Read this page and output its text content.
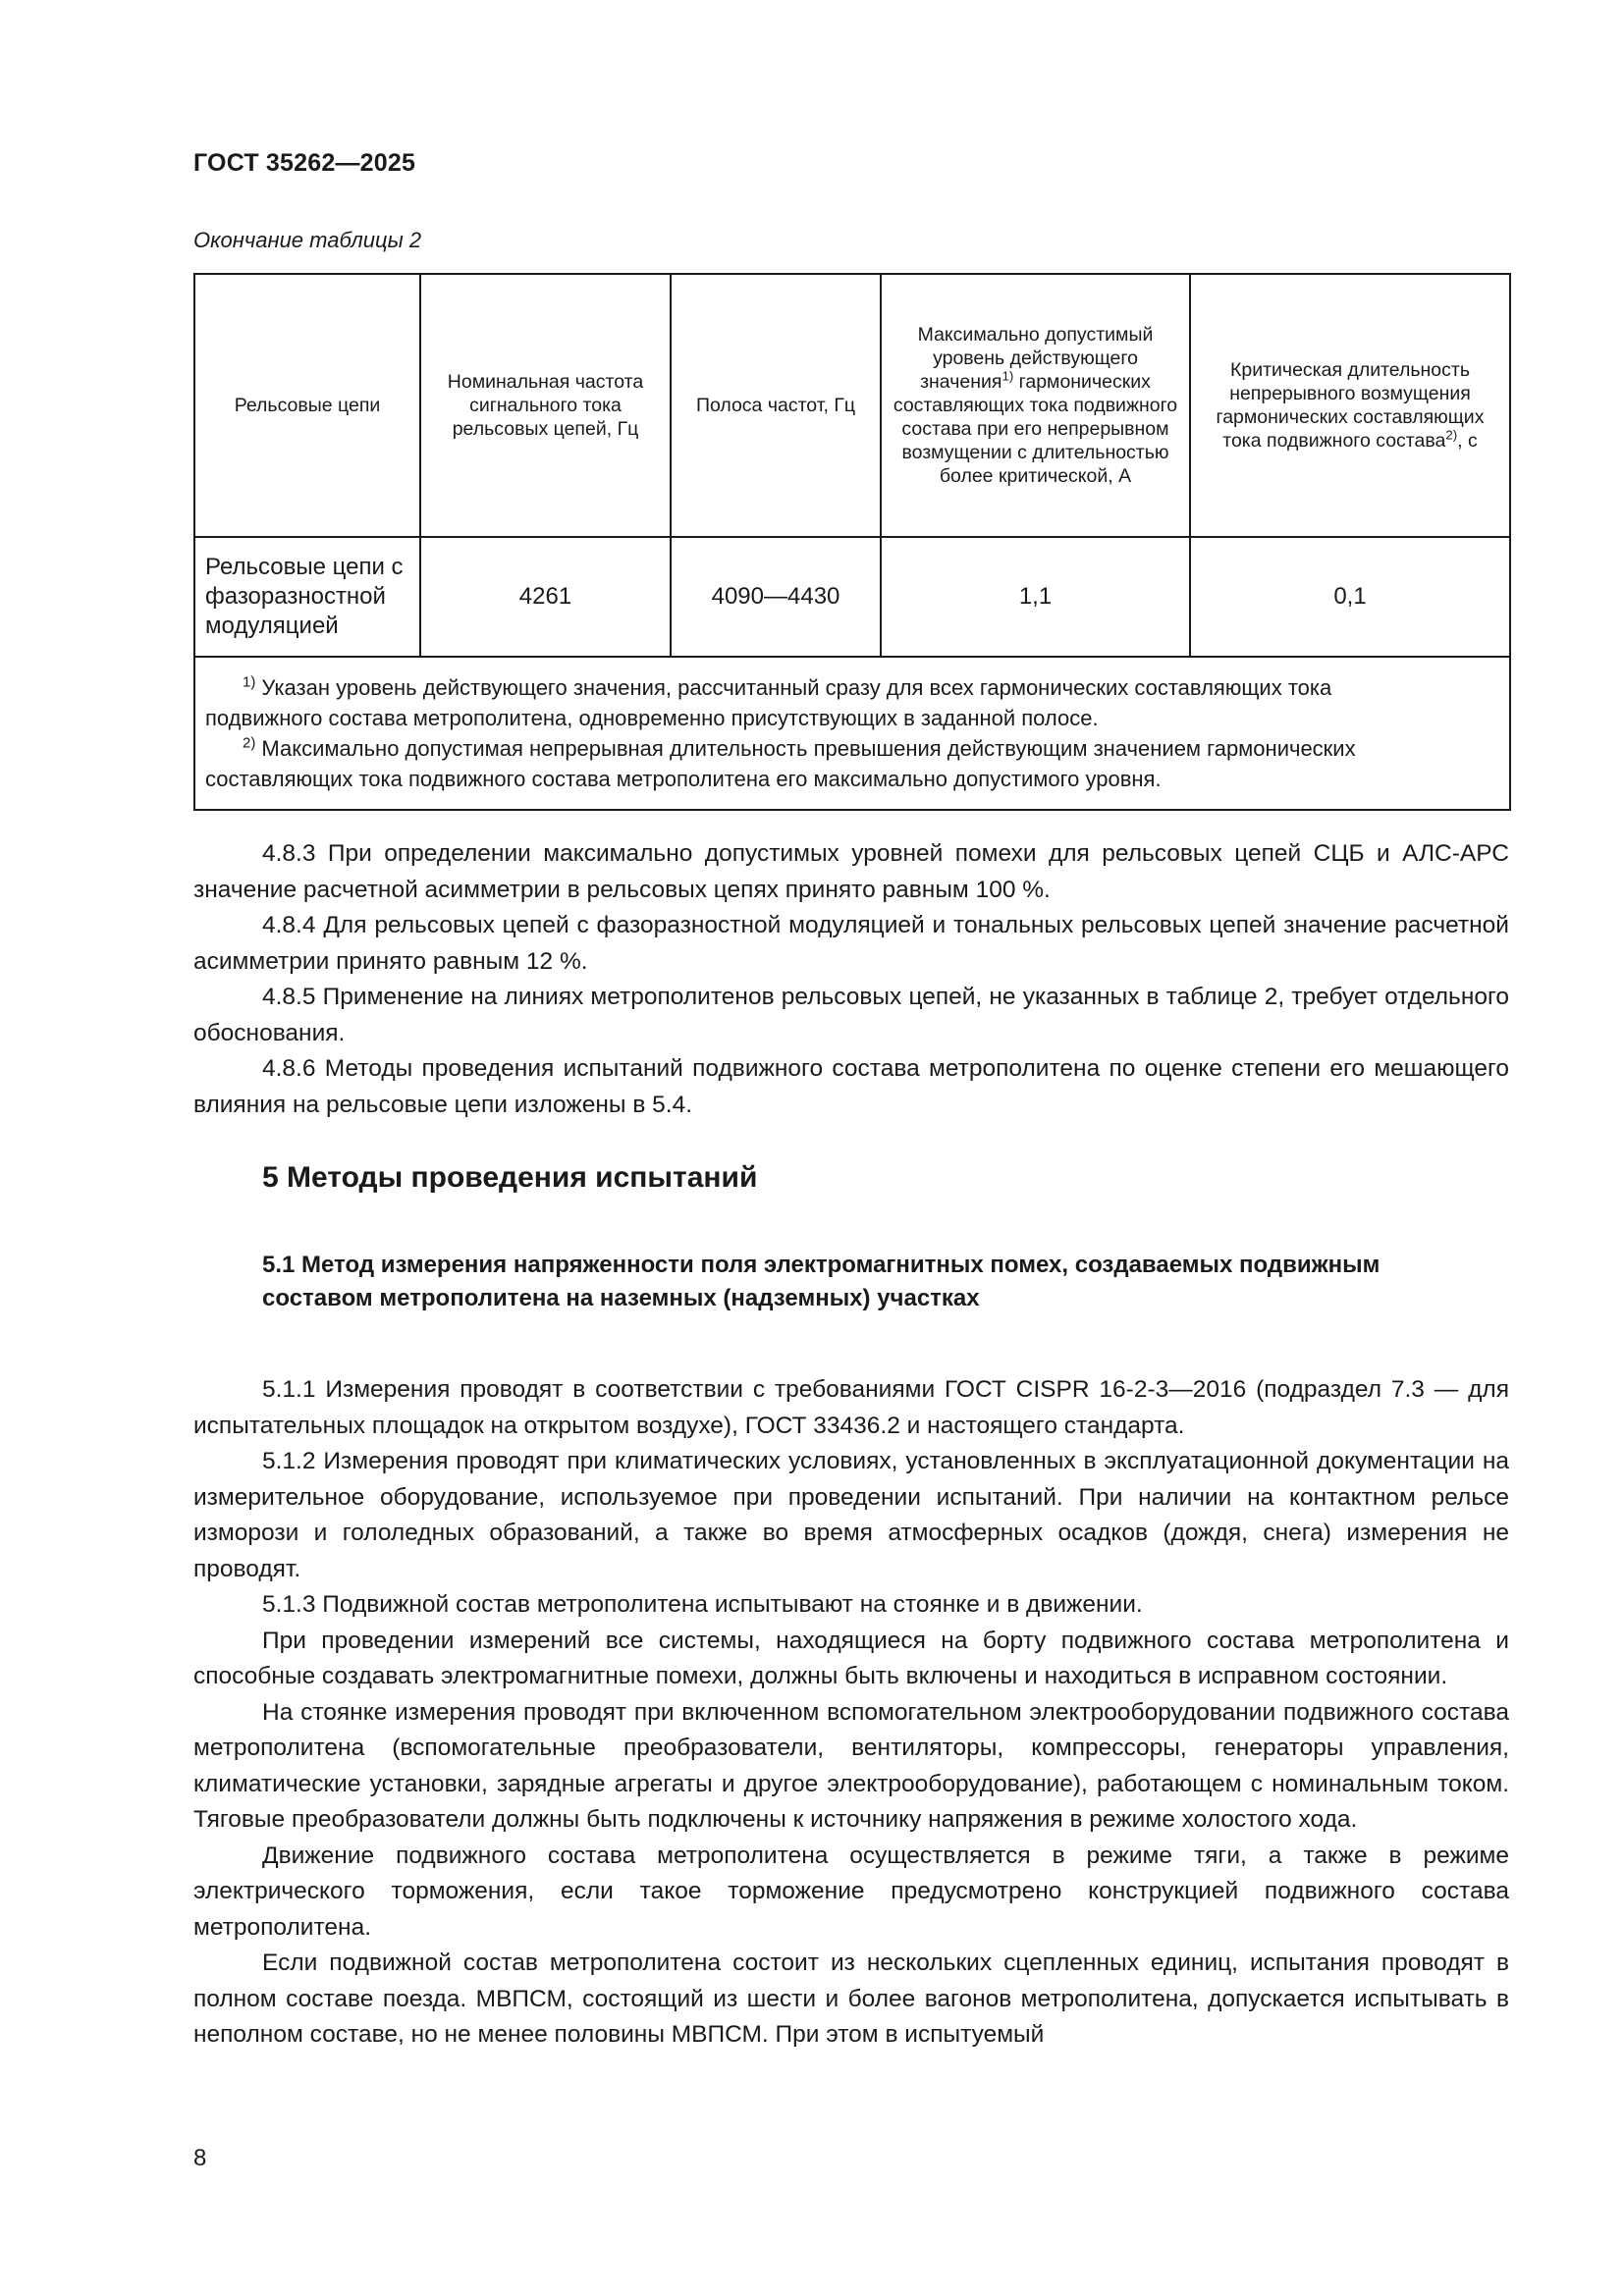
ГОСТ 35262—2025
Окончание таблицы 2
Рельсовые цепи	Номинальная частота сигнального тока рельсовых цепей, Гц	Полоса частот, Гц	Максимально допустимый уровень действующего значения$^{1)}$ гармонических составляющих тока подвижного состава при его непрерывном возмущении с длительностью более критической, А	Критическая длительность непрерывного возмущения гармонических составляющих тока подвижного состава$^{2)}$, с
Рельсовые цепи с фазоразностной модуляцией	4261	4090—4430	1,1	0,1

$^{1)}$ Указан уровень действующего значения, рассчитанный сразу для всех гармонических составляющих тока
подвижного состава метрополитена, одновременно присутствующих в заданной полосе.
$^{2)}$ Максимально допустимая непрерывная длительность превышения действующим значением гармонических
составляющих тока подвижного состава метрополитена его максимально допустимого уровня.				

4.8.3 При определении максимально допустимых уровней помехи для рельсовых цепей СЦБ и АЛС-АРС значение расчетной асимметрии в рельсовых цепях принято равным 100 %.

4.8.4 Для рельсовых цепей с фазоразностной модуляцией и тональных рельсовых цепей значение расчетной асимметрии принято равным 12 %.

4.8.5 Применение на линиях метрополитенов рельсовых цепей, не указанных в таблице 2, требует отдельного обоснования.

4.8.6 Методы проведения испытаний подвижного состава метрополитена по оценке степени его мешающего влияния на рельсовые цепи изложены в 5.4.

5 Методы проведения испытаний
5.1 Метод измерения напряженности поля электромагнитных помех, создаваемых подвижным составом метрополитена на наземных (надземных) участках

5.1.1 Измерения проводят в соответствии с требованиями ГОСТ CISPR 16-2-3—2016 (подраздел 7.3 — для испытательных площадок на открытом воздухе), ГОСТ 33436.2 и настоящего стандарта.

5.1.2 Измерения проводят при климатических условиях, установленных в эксплуатационной документации на измерительное оборудование, используемое при проведении испытаний. При наличии на контактном рельсе изморози и гололедных образований, а также во время атмосферных осадков (дождя, снега) измерения не проводят.

5.1.3 Подвижной состав метрополитена испытывают на стоянке и в движении.

При проведении измерений все системы, находящиеся на борту подвижного состава метрополитена и способные создавать электромагнитные помехи, должны быть включены и находиться в исправном состоянии.

На стоянке измерения проводят при включенном вспомогательном электрооборудовании подвижного состава метрополитена (вспомогательные преобразователи, вентиляторы, компрессоры, генераторы управления, климатические установки, зарядные агрегаты и другое электрооборудование), работающем с номинальным током. Тяговые преобразователи должны быть подключены к источнику напряжения в режиме холостого хода.

Движение подвижного состава метрополитена осуществляется в режиме тяги, а также в режиме электрического торможения, если такое торможение предусмотрено конструкцией подвижного состава метрополитена.

Если подвижной состав метрополитена состоит из нескольких сцепленных единиц, испытания проводят в полном составе поезда. МВПСМ, состоящий из шести и более вагонов метрополитена, допускается испытывать в неполном составе, но не менее половины МВПСМ. При этом в испытуемый

8
